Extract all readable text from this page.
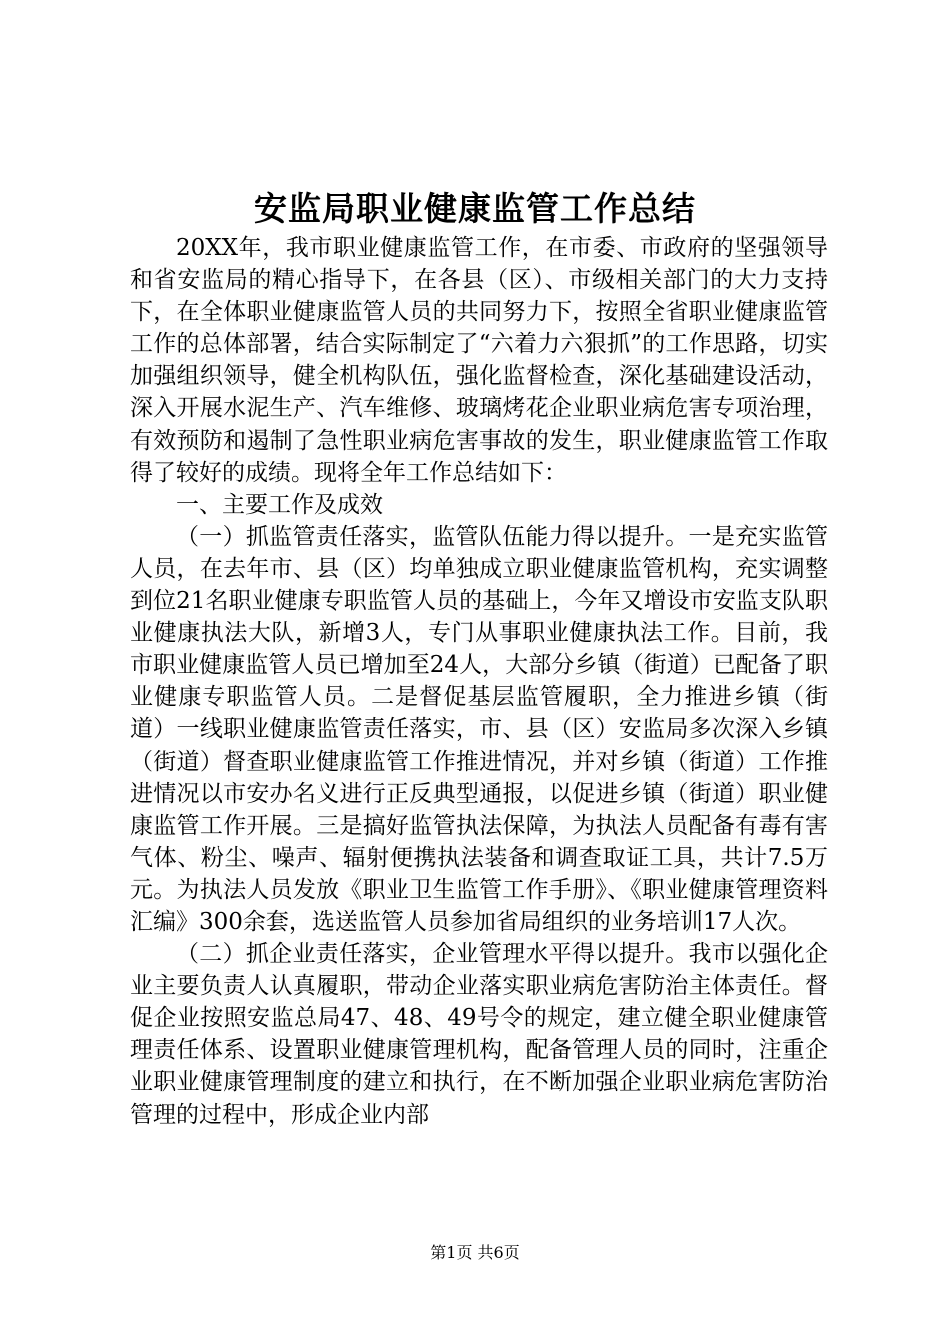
安监局职业健康监管工作总结

20XX年，我市职业健康监管工作，在市委、市政府的坚强领导和省安监局的精心指导下，在各县（区）、市级相关部门的大力支持下，在全体职业健康监管人员的共同努力下，按照全省职业健康监管工作的总体部署，结合实际制定了“六着力六狠抓”的工作思路，切实加强组织领导，健全机构队伍，强化监督检查，深化基础建设活动，深入开展水泥生产、汽车维修、玻璃烤花企业职业病危害专项治理，有效预防和遏制了急性职业病危害事故的发生，职业健康监管工作取得了较好的成绩。现将全年工作总结如下：

一、主要工作及成效

（一）抓监管责任落实，监管队伍能力得以提升。一是充实监管人员，在去年市、县（区）均单独成立职业健康监管机构，充实调整到位21名职业健康专职监管人员的基础上，今年又增设市安监支队职业健康执法大队，新增3人，专门从事职业健康执法工作。目前，我市职业健康监管人员已增加至24人，大部分乡镇（街道）已配备了职业健康专职监管人员。二是督促基层监管履职，全力推进乡镇（街道）一线职业健康监管责任落实，市、县（区）安监局多次深入乡镇（街道）督查职业健康监管工作推进情况，并对乡镇（街道）工作推进情况以市安办名义进行正反典型通报，以促进乡镇（街道）职业健康监管工作开展。三是搞好监管执法保障，为执法人员配备有毒有害气体、粉尘、噪声、辐射便携执法装备和调查取证工具，共计7.5万元。为执法人员发放《职业卫生监管工作手册》、《职业健康管理资料汇编》300余套，选送监管人员参加省局组织的业务培训17人次。

（二）抓企业责任落实，企业管理水平得以提升。我市以强化企业主要负责人认真履职，带动企业落实职业病危害防治主体责任。督促企业按照安监总局47、48、49号令的规定，建立健全职业健康管理责任体系、设置职业健康管理机构，配备管理人员的同时，注重企业职业健康管理制度的建立和执行，在不断加强企业职业病危害防治管理的过程中，形成企业内部

第1页 共6页
